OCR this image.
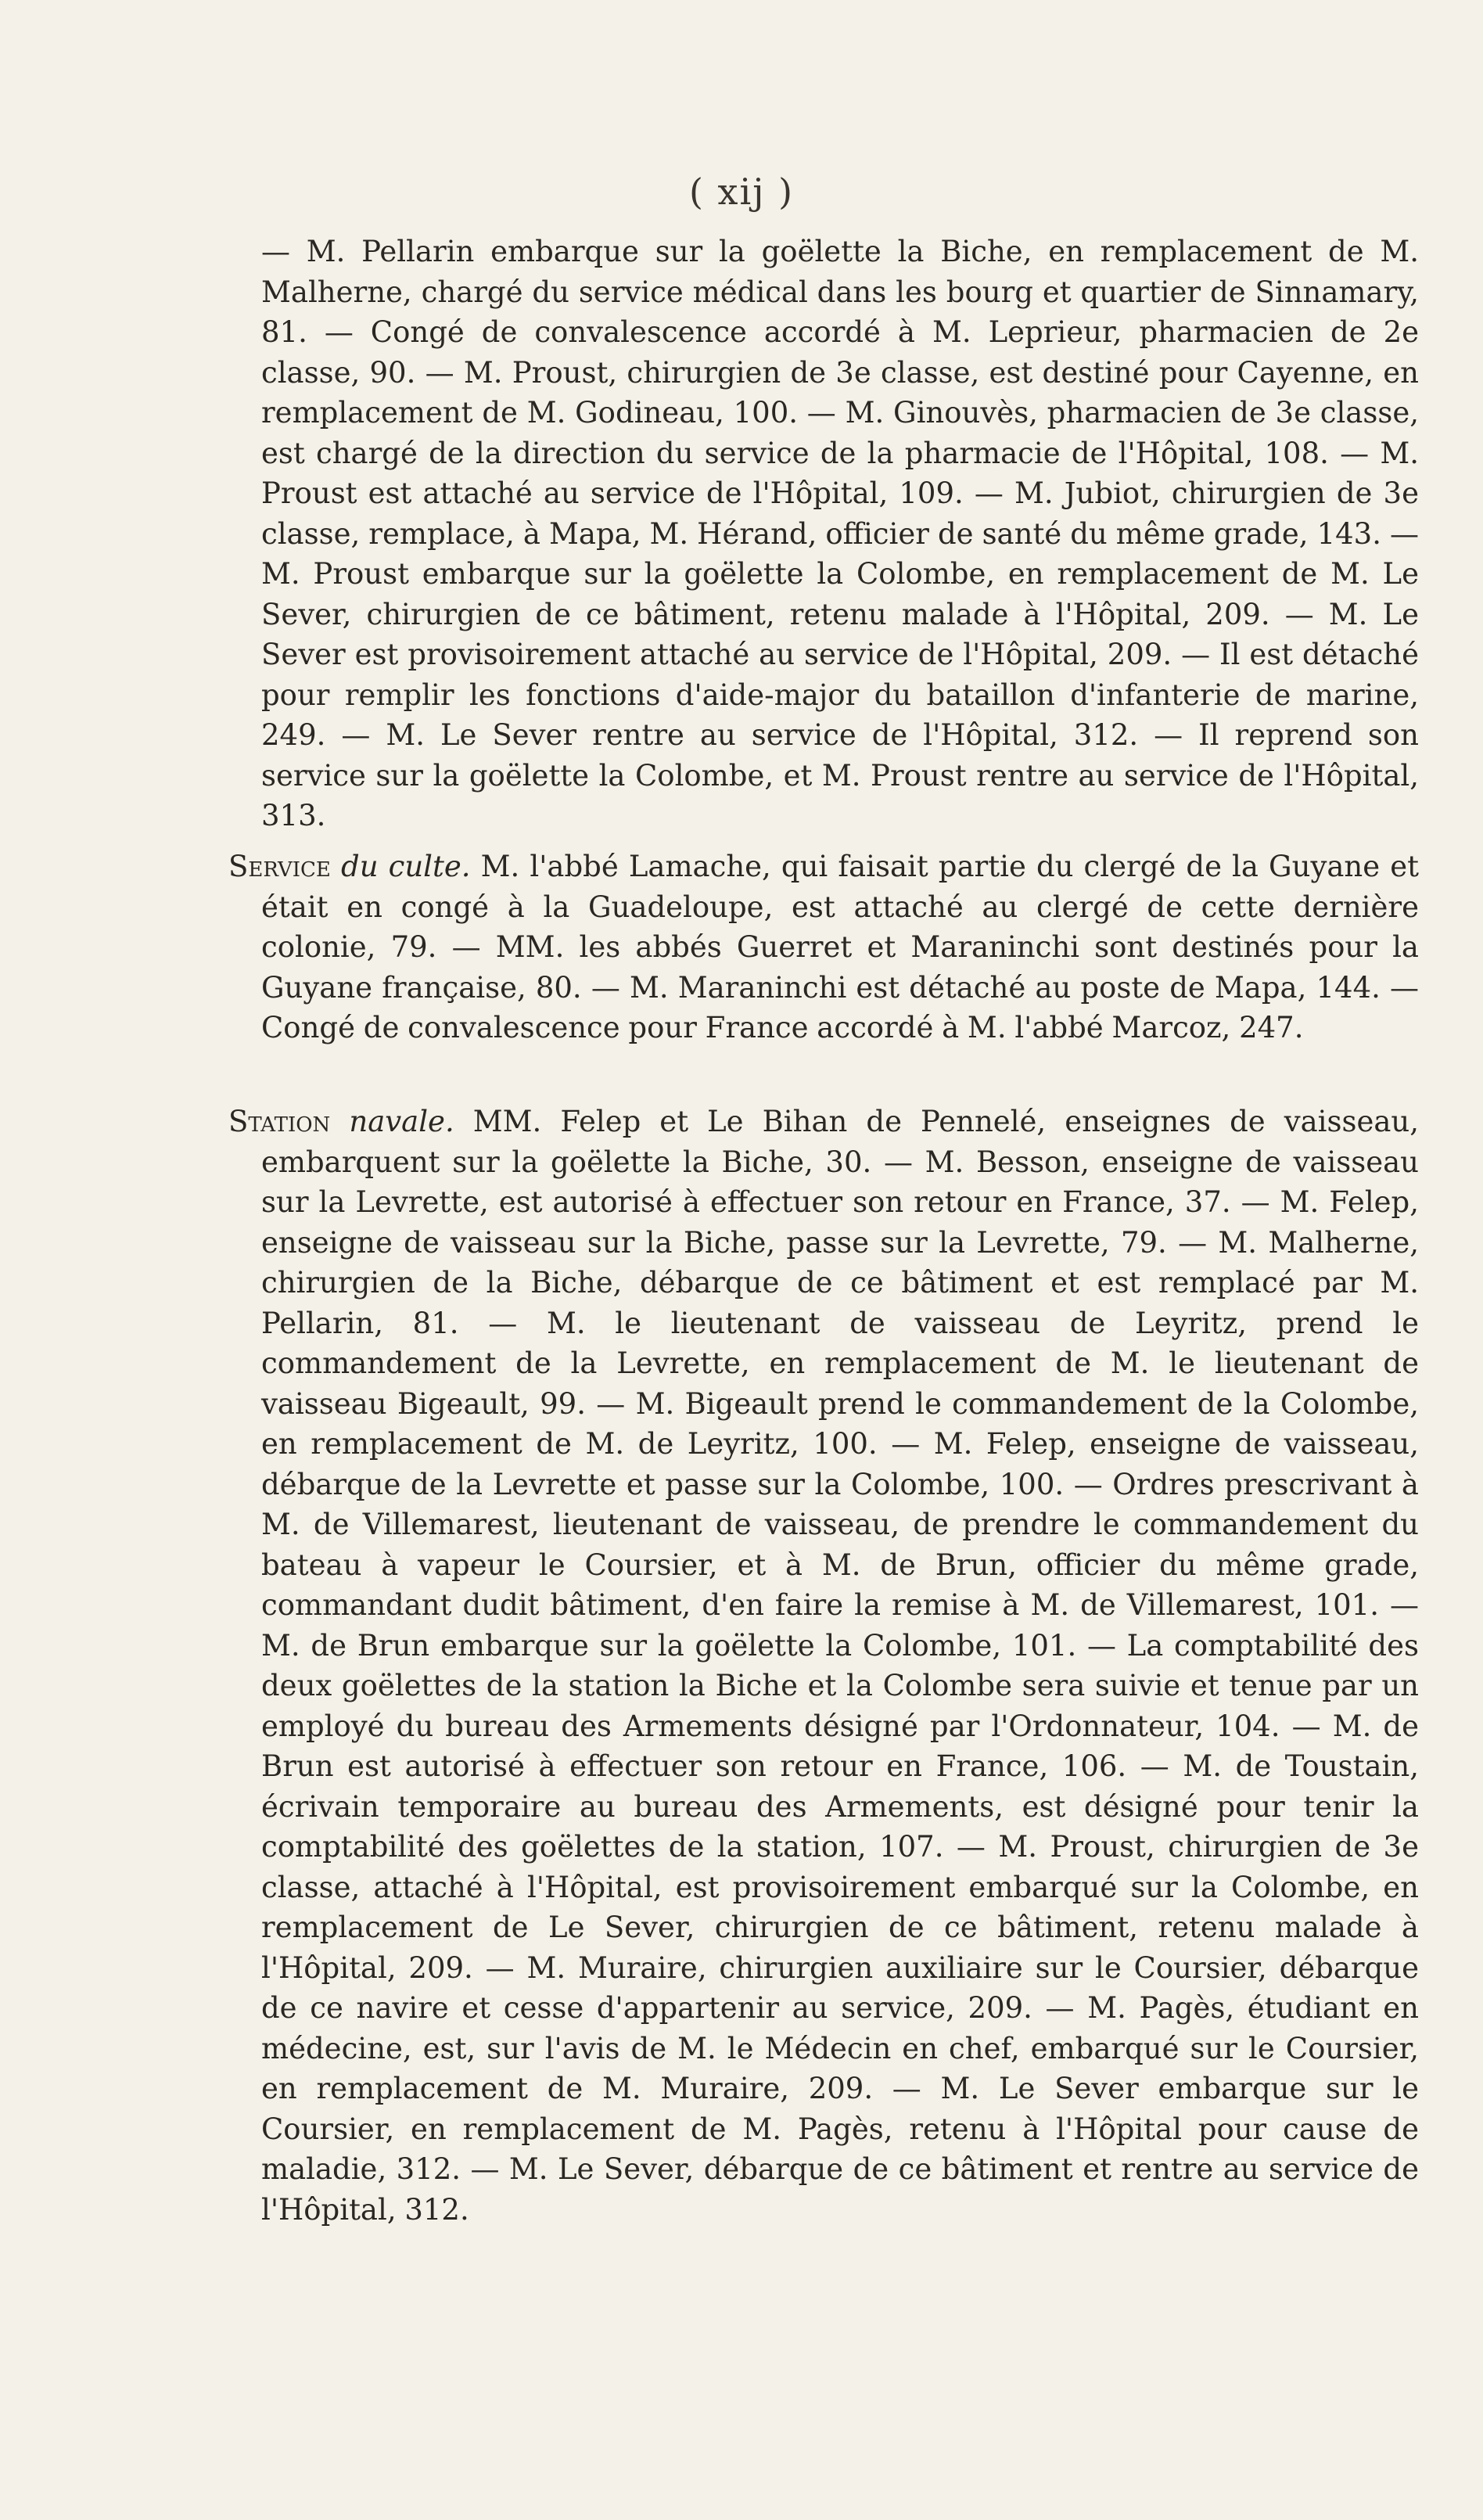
( xij )

— M. Pellarin embarque sur la goëlette la Biche, en remplacement de M. Malherne, chargé du service médical dans les bourg et quartier de Sinnamary, 81. — Congé de convalescence accordé à M. Leprieur, pharmacien de 2e classe, 90. — M. Proust, chirurgien de 3e classe, est destiné pour Cayenne, en remplacement de M. Godineau, 100. — M. Ginouvès, pharmacien de 3e classe, est chargé de la direction du service de la pharmacie de l'Hôpital, 108. — M. Proust est attaché au service de l'Hôpital, 109. — M. Jubiot, chirurgien de 3e classe, remplace, à Mapa, M. Hérand, officier de santé du même grade, 143. — M. Proust embarque sur la goëlette la Colombe, en remplacement de M. Le Sever, chirurgien de ce bâtiment, retenu malade à l'Hôpital, 209. — M. Le Sever est provisoirement attaché au service de l'Hôpital, 209. — Il est détaché pour remplir les fonctions d'aide-major du bataillon d'infanterie de marine, 249. — M. Le Sever rentre au service de l'Hôpital, 312. — Il reprend son service sur la goëlette la Colombe, et M. Proust rentre au service de l'Hôpital, 313.

Service du culte. M. l'abbé Lamache, qui faisait partie du clergé de la Guyane et était en congé à la Guadeloupe, est attaché au clergé de cette dernière colonie, 79. — MM. les abbés Guerret et Maraninchi sont destinés pour la Guyane française, 80. — M. Maraninchi est détaché au poste de Mapa, 144. — Congé de convalescence pour France accordé à M. l'abbé Marcoz, 247.

Station navale. MM. Felep et Le Bihan de Pennelé, enseignes de vaisseau, embarquent sur la goëlette la Biche, 30. — M. Besson, enseigne de vaisseau sur la Levrette, est autorisé à effectuer son retour en France, 37. — M. Felep, enseigne de vaisseau sur la Biche, passe sur la Levrette, 79. — M. Malherne, chirurgien de la Biche, débarque de ce bâtiment et est remplacé par M. Pellarin, 81. — M. le lieutenant de vaisseau de Leyritz, prend le commandement de la Levrette, en remplacement de M. le lieutenant de vaisseau Bigeault, 99. — M. Bigeault prend le commandement de la Colombe, en remplacement de M. de Leyritz, 100. — M. Felep, enseigne de vaisseau, débarque de la Levrette et passe sur la Colombe, 100. — Ordres prescrivant à M. de Villemarest, lieutenant de vaisseau, de prendre le commandement du bateau à vapeur le Coursier, et à M. de Brun, officier du même grade, commandant dudit bâtiment, d'en faire la remise à M. de Villemarest, 101. — M. de Brun embarque sur la goëlette la Colombe, 101. — La comptabilité des deux goëlettes de la station la Biche et la Colombe sera suivie et tenue par un employé du bureau des Armements désigné par l'Ordonnateur, 104. — M. de Brun est autorisé à effectuer son retour en France, 106. — M. de Toustain, écrivain temporaire au bureau des Armements, est désigné pour tenir la comptabilité des goëlettes de la station, 107. — M. Proust, chirurgien de 3e classe, attaché à l'Hôpital, est provisoirement embarqué sur la Colombe, en remplacement de Le Sever, chirurgien de ce bâtiment, retenu malade à l'Hôpital, 209. — M. Muraire, chirurgien auxiliaire sur le Coursier, débarque de ce navire et cesse d'appartenir au service, 209. — M. Pagès, étudiant en médecine, est, sur l'avis de M. le Médecin en chef, embarqué sur le Coursier, en remplacement de M. Muraire, 209. — M. Le Sever embarque sur le Coursier, en remplacement de M. Pagès, retenu à l'Hôpital pour cause de maladie, 312. — M. Le Sever, débarque de ce bâtiment et rentre au service de l'Hôpital, 312.
